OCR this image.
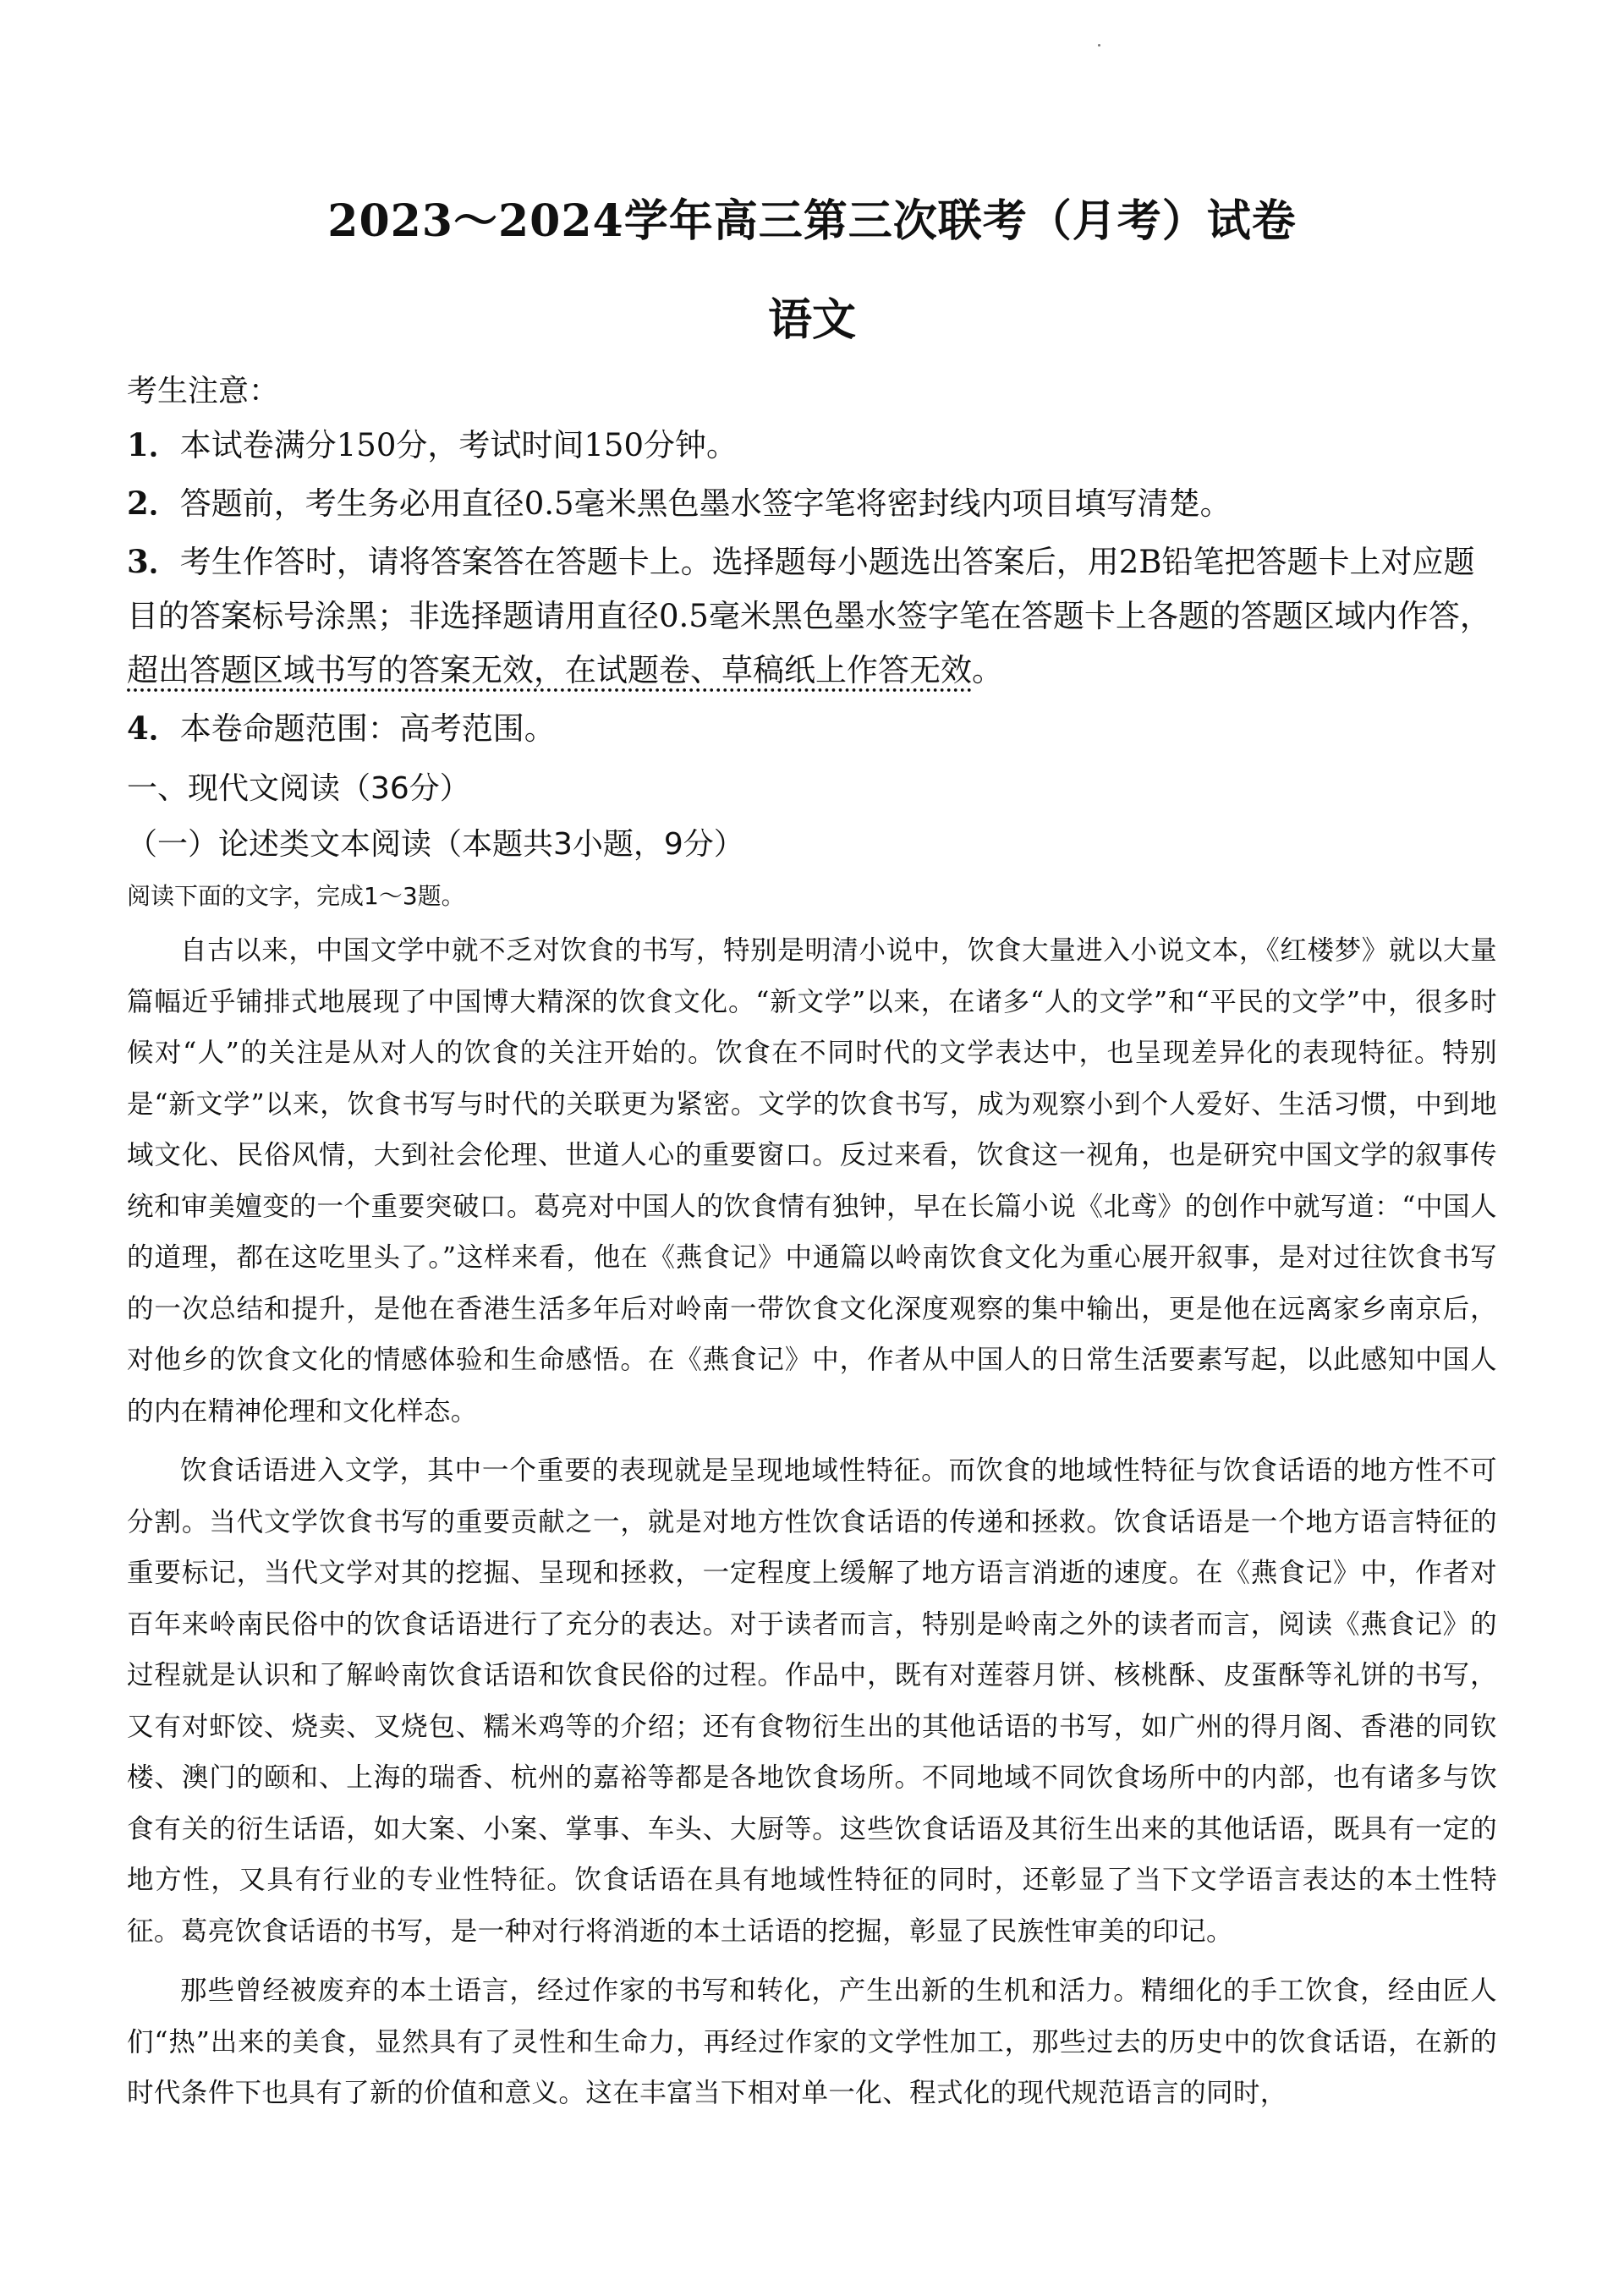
2023～2024学年高三第三次联考（月考）试卷
语文

考生注意：

1．本试卷满分150分，考试时间150分钟。

2．答题前，考生务必用直径0.5毫米黑色墨水签字笔将密封线内项目填写清楚。

3．考生作答时，请将答案答在答题卡上。选择题每小题选出答案后，用2B铅笔把答题卡上对应题目的答案标号涂黑；非选择题请用直径0.5毫米黑色墨水签字笔在答题卡上各题的答题区域内作答，超出答题区域书写的答案无效，在试题卷、草稿纸上作答无效。

4．本卷命题范围：高考范围。

一、现代文阅读（36分）

（一）论述类文本阅读（本题共3小题，9分）

阅读下面的文字，完成1～3题。

自古以来，中国文学中就不乏对饮食的书写，特别是明清小说中，饮食大量进入小说文本，《红楼梦》就以大量篇幅近乎铺排式地展现了中国博大精深的饮食文化。“新文学”以来，在诸多“人的文学”和“平民的文学”中，很多时候对“人”的关注是从对人的饮食的关注开始的。饮食在不同时代的文学表达中，也呈现差异化的表现特征。特别是“新文学”以来，饮食书写与时代的关联更为紧密。文学的饮食书写，成为观察小到个人爱好、生活习惯，中到地域文化、民俗风情，大到社会伦理、世道人心的重要窗口。反过来看，饮食这一视角，也是研究中国文学的叙事传统和审美嬗变的一个重要突破口。葛亮对中国人的饮食情有独钟，早在长篇小说《北鸢》的创作中就写道：“中国人的道理，都在这吃里头了。”这样来看，他在《燕食记》中通篇以岭南饮食文化为重心展开叙事，是对过往饮食书写的一次总结和提升，是他在香港生活多年后对岭南一带饮食文化深度观察的集中输出，更是他在远离家乡南京后，对他乡的饮食文化的情感体验和生命感悟。在《燕食记》中，作者从中国人的日常生活要素写起，以此感知中国人的内在精神伦理和文化样态。

饮食话语进入文学，其中一个重要的表现就是呈现地域性特征。而饮食的地域性特征与饮食话语的地方性不可分割。当代文学饮食书写的重要贡献之一，就是对地方性饮食话语的传递和拯救。饮食话语是一个地方语言特征的重要标记，当代文学对其的挖掘、呈现和拯救，一定程度上缓解了地方语言消逝的速度。在《燕食记》中，作者对百年来岭南民俗中的饮食话语进行了充分的表达。对于读者而言，特别是岭南之外的读者而言，阅读《燕食记》的过程就是认识和了解岭南饮食话语和饮食民俗的过程。作品中，既有对莲蓉月饼、核桃酥、皮蛋酥等礼饼的书写，又有对虾饺、烧卖、叉烧包、糯米鸡等的介绍；还有食物衍生出的其他话语的书写，如广州的得月阁、香港的同钦楼、澳门的颐和、上海的瑞香、杭州的嘉裕等都是各地饮食场所。不同地域不同饮食场所中的内部，也有诸多与饮食有关的衍生话语，如大案、小案、掌事、车头、大厨等。这些饮食话语及其衍生出来的其他话语，既具有一定的地方性，又具有行业的专业性特征。饮食话语在具有地域性特征的同时，还彰显了当下文学语言表达的本土性特征。葛亮饮食话语的书写，是一种对行将消逝的本土话语的挖掘，彰显了民族性审美的印记。

那些曾经被废弃的本土语言，经过作家的书写和转化，产生出新的生机和活力。精细化的手工饮食，经由匠人们“热”出来的美食，显然具有了灵性和生命力，再经过作家的文学性加工，那些过去的历史中的饮食话语，在新的时代条件下也具有了新的价值和意义。这在丰富当下相对单一化、程式化的现代规范语言的同时，
